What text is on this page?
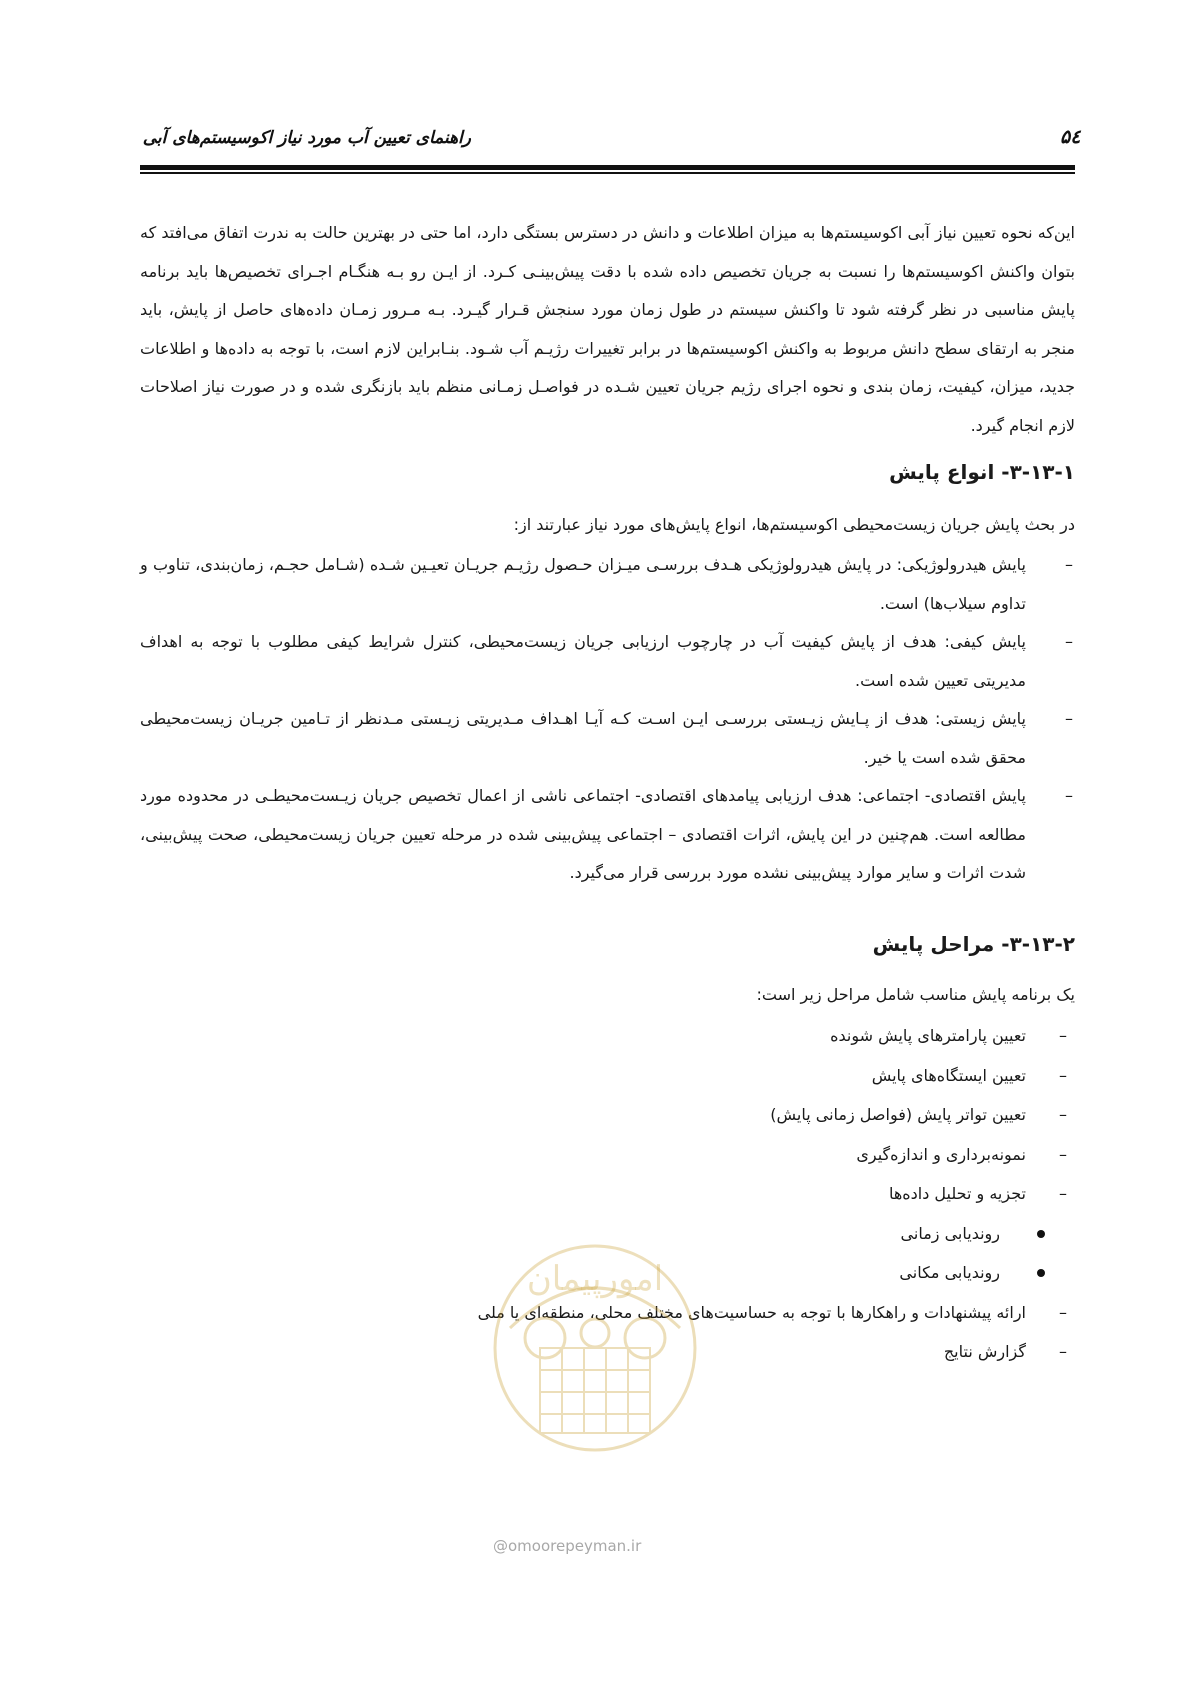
راهنمای تعیین آب مورد نیاز اکوسیستم‌های آبی	۵٤

این‌که نحوه تعیین نیاز آبی اکوسیستم‌ها به میزان اطلاعات و دانش در دسترس بستگی دارد، اما حتی در بهترین حالت به ندرت اتفاق می‌افتد که بتوان واکنش اکوسیستم‌ها را نسبت به جریان تخصیص داده شده با دقت پیش‌بینـی کـرد. از ایـن رو بـه هنگـام اجـرای تخصیص‌ها باید برنامه پایش مناسبی در نظر گرفته شود تا واکنش سیستم در طول زمان مورد سنجش قـرار گیـرد. بـه مـرور زمـان داده‌های حاصل از پایش، باید منجر به ارتقای سطح دانش مربوط به واکنش اکوسیستم‌ها در برابر تغییرات رژیـم آب شـود. بنـابراین لازم است، با توجه به داده‌ها و اطلاعات جدید، میزان، کیفیت، زمان بندی و نحوه اجرای رژیم جریان تعیین شـده در فواصـل زمـانی منظم باید بازنگری شده و در صورت نیاز اصلاحات لازم انجام گیرد.

۳-۱۳-۱- انواع پایش
در بحث پایش جریان زیست‌محیطی اکوسیستم‌ها، انواع پایش‌های مورد نیاز عبارتند از:
–
پایش هیدرولوژیکی: در پایش هیدرولوژیکی هـدف بررسـی میـزان حـصول رژیـم جریـان تعیـین شـده (شـامل حجـم، زمان‌بندی، تناوب و تداوم سیلاب‌ها) است.
–
پایش کیفی: هدف از پایش کیفیت آب در چارچوب ارزیابی جریان زیست‌محیطی، کنترل شرایط کیفی مطلوب با توجه به اهداف مدیریتی تعیین شده است.
–
پایش زیستی: هدف از پـایش زیـستی بررسـی ایـن اسـت کـه آیـا اهـداف مـدیریتی زیـستی مـدنظر از تـامین جریـان زیست‌محیطی محقق شده است یا خیر.
–
پایش اقتصادی- اجتماعی: هدف ارزیابی پیامدهای اقتصادی- اجتماعی ناشی از اعمال تخصیص جریان زیـست‌محیطـی در محدوده مورد مطالعه است. هم‌چنین در این پایش، اثرات اقتصادی – اجتماعی پیش‌بینی شده در مرحله تعیین جریان زیست‌محیطی، صحت پیش‌بینی، شدت اثرات و سایر موارد پیش‌بینی نشده مورد بررسی قرار می‌گیرد.
۳-۱۳-۲- مراحل پایش
یک برنامه پایش مناسب شامل مراحل زیر است:
–
تعیین پارامترهای پایش شونده
–
تعیین ایستگاه‌های پایش
–
تعیین تواتر پایش (فواصل زمانی پایش)
–
نمونه‌برداری و اندازه‌گیری
–
تجزیه و تحلیل داده‌ها
روندیابی زمانی
روندیابی مکانی
–
ارائه پیشنهادات و راهکارها با توجه به حساسیت‌های مختلف محلی، منطقه‌ای یا ملی
–
گزارش نتایج
امورپیمان
@omoorepeyman.ir
